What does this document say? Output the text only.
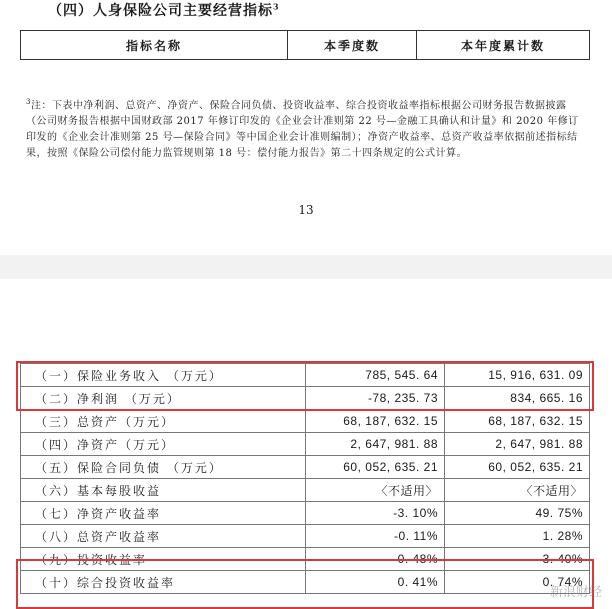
（四）人身保险公司主要经营指标$^3$
指标名称	本季度数	本年度累计数
$^3$注：下表中净利润、总资产、净资产、保险合同负债、投资收益率、综合投资收益率指标根据公司财务报告数据披露（公司财务报告根据中国财政部 2017 年修订印发的《企业会计准则第 22 号—金融工具确认和计量》和 2020 年修订印发的《企业会计准则第 25 号—保险合同》等中国企业会计准则编制）；净资产收益率、总资产收益率依据前述指标结果，按照《保险公司偿付能力监管规则第 18 号：偿付能力报告》第二十四条规定的公式计算。
13
（一）保险业务收入 （万元）	785, 545. 64	15, 916, 631. 09
（二）净利润 （万元）	-78, 235. 73	834, 665. 16
（三）总资产（万元）	68, 187, 632. 15	68, 187, 632. 15
（四）净资产（万元）	2, 647, 981. 88	2, 647, 981. 88
（五）保险合同负债 （万元）	60, 052, 635. 21	60, 052, 635. 21
（六）基本每股收益	〈不适用〉	〈不适用〉
（七）净资产收益率	-3. 10%	49. 75%
（八）总资产收益率	-0. 11%	1. 28%
（九）投资收益率	0. 48%	3. 40%
（十）综合投资收益率	0. 41%	0. 74%
新浪财经
